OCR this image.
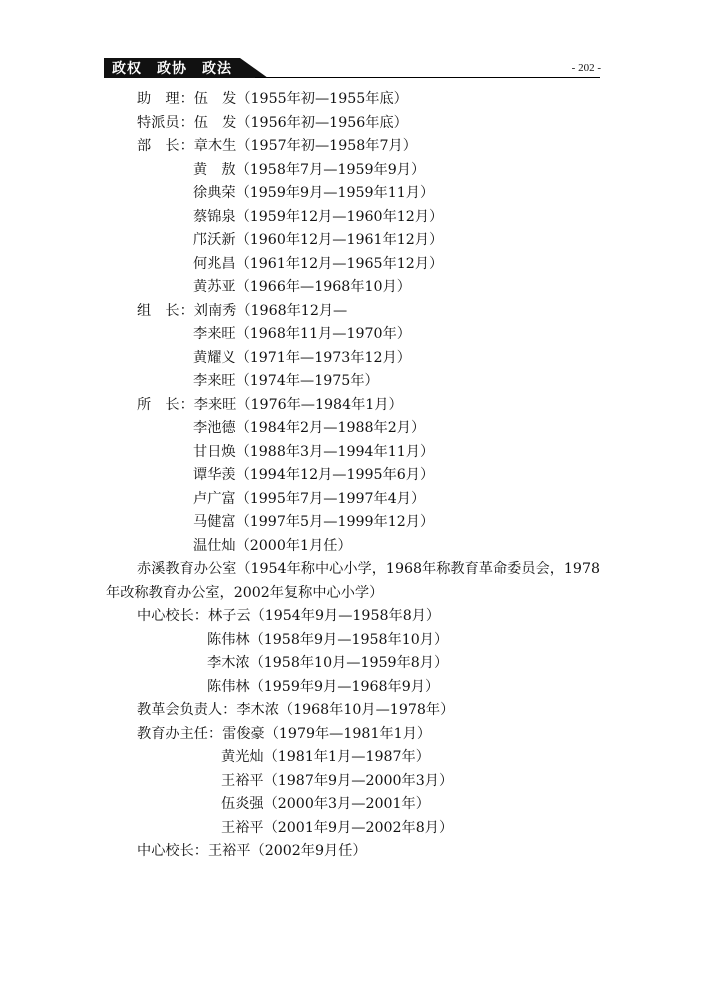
政权　政协　政法	- 202 -
助　理：伍　发（1955年初—1955年底）
特派员：伍　发（1956年初—1956年底）
部　长：章木生（1957年初—1958年7月）
黄　敖（1958年7月—1959年9月）
徐典荣（1959年9月—1959年11月）
蔡锦泉（1959年12月—1960年12月）
邝沃新（1960年12月—1961年12月）
何兆昌（1961年12月—1965年12月）
黄苏亚（1966年—1968年10月）
组　长：刘南秀（1968年12月—
李来旺（1968年11月—1970年）
黄耀义（1971年—1973年12月）
李来旺（1974年—1975年）
所　长：李来旺（1976年—1984年1月）
李池德（1984年2月—1988年2月）
甘日焕（1988年3月—1994年11月）
谭华羡（1994年12月—1995年6月）
卢广富（1995年7月—1997年4月）
马健富（1997年5月—1999年12月）
温仕灿（2000年1月任）
赤溪教育办公室（1954年称中心小学，1968年称教育革命委员会，1978年改称教育办公室，2002年复称中心小学）
中心校长：林子云（1954年9月—1958年8月）
陈伟林（1958年9月—1958年10月）
李木浓（1958年10月—1959年8月）
陈伟林（1959年9月—1968年9月）
教革会负责人：李木浓（1968年10月—1978年）
教育办主任：雷俊豪（1979年—1981年1月）
黄光灿（1981年1月—1987年）
王裕平（1987年9月—2000年3月）
伍炎强（2000年3月—2001年）
王裕平（2001年9月—2002年8月）
中心校长：王裕平（2002年9月任）
